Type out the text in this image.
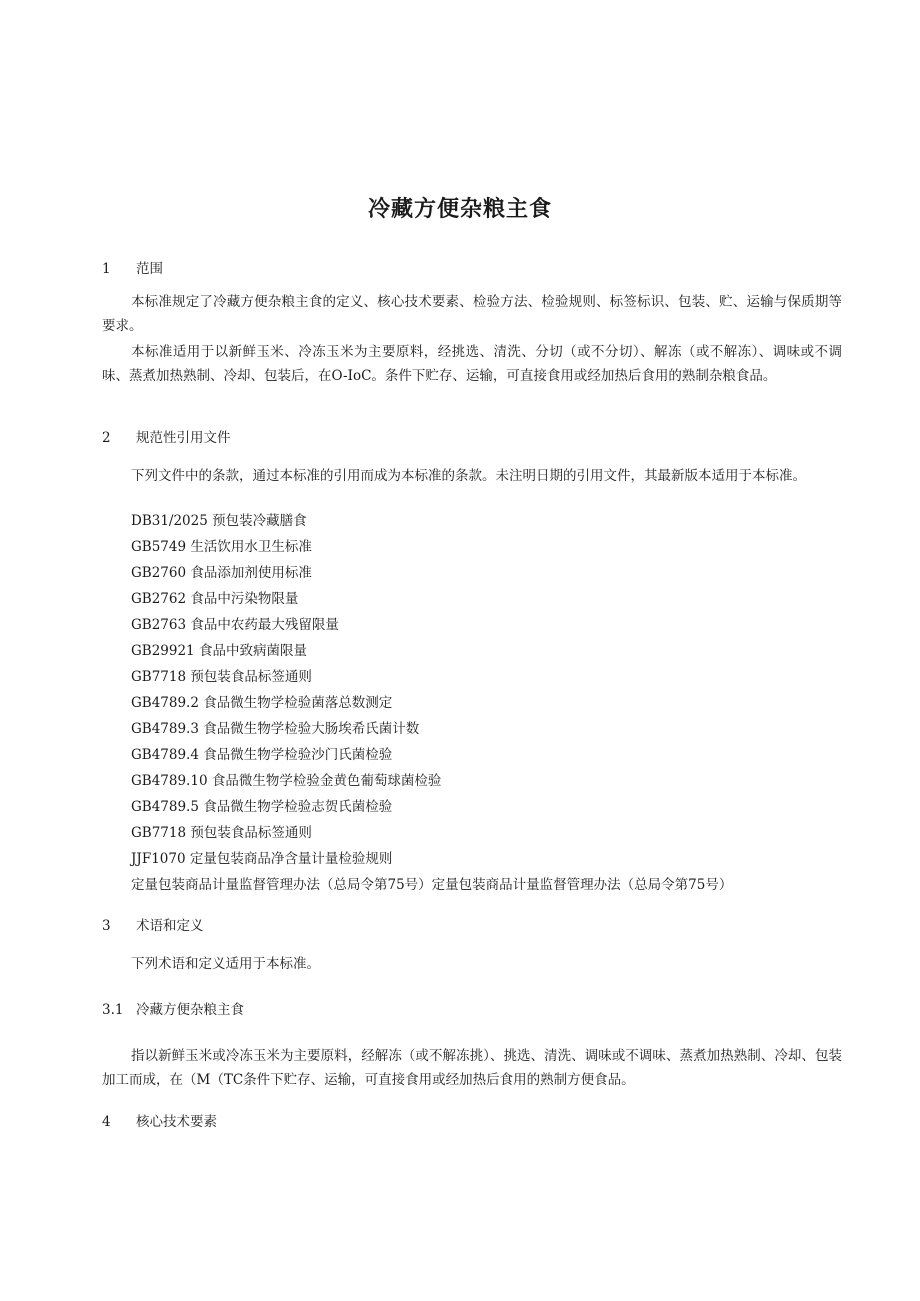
冷藏方便杂粮主食
1 范围

本标准规定了冷藏方便杂粮主食的定义、核心技术要素、检验方法、检验规则、标签标识、包装、贮、运输与保质期等要求。

本标准适用于以新鲜玉米、冷冻玉米为主要原料，经挑选、清洗、分切（或不分切）、解冻（或不解冻）、调味或不调味、蒸煮加热熟制、冷却、包装后，在O-IoC。条件下贮存、运输，可直接食用或经加热后食用的熟制杂粮食品。

2 规范性引用文件

下列文件中的条款，通过本标准的引用而成为本标准的条款。未注明日期的引用文件，其最新版本适用于本标准。

DB31/2025 预包装冷藏膳食
GB5749 生活饮用水卫生标准
GB2760 食品添加剂使用标准
GB2762 食品中污染物限量
GB2763 食品中农药最大残留限量
GB29921 食品中致病菌限量
GB7718 预包装食品标签通则
GB4789.2 食品微生物学检验菌落总数测定
GB4789.3 食品微生物学检验大肠埃希氏菌计数
GB4789.4 食品微生物学检验沙门氏菌检验
GB4789.10 食品微生物学检验金黄色葡萄球菌检验
GB4789.5 食品微生物学检验志贺氏菌检验
GB7718 预包装食品标签通则
JJF1070 定量包装商品净含量计量检验规则
定量包装商品计量监督管理办法（总局令第75号）定量包装商品计量监督管理办法（总局令第75号）
3 术语和定义

下列术语和定义适用于本标准。

3.1 冷藏方便杂粮主食

指以新鲜玉米或冷冻玉米为主要原料，经解冻（或不解冻挑）、挑选、清洗、调味或不调味、蒸煮加热熟制、冷却、包装加工而成，在（M（TC条件下贮存、运输，可直接食用或经加热后食用的熟制方便食品。

4 核心技术要素
